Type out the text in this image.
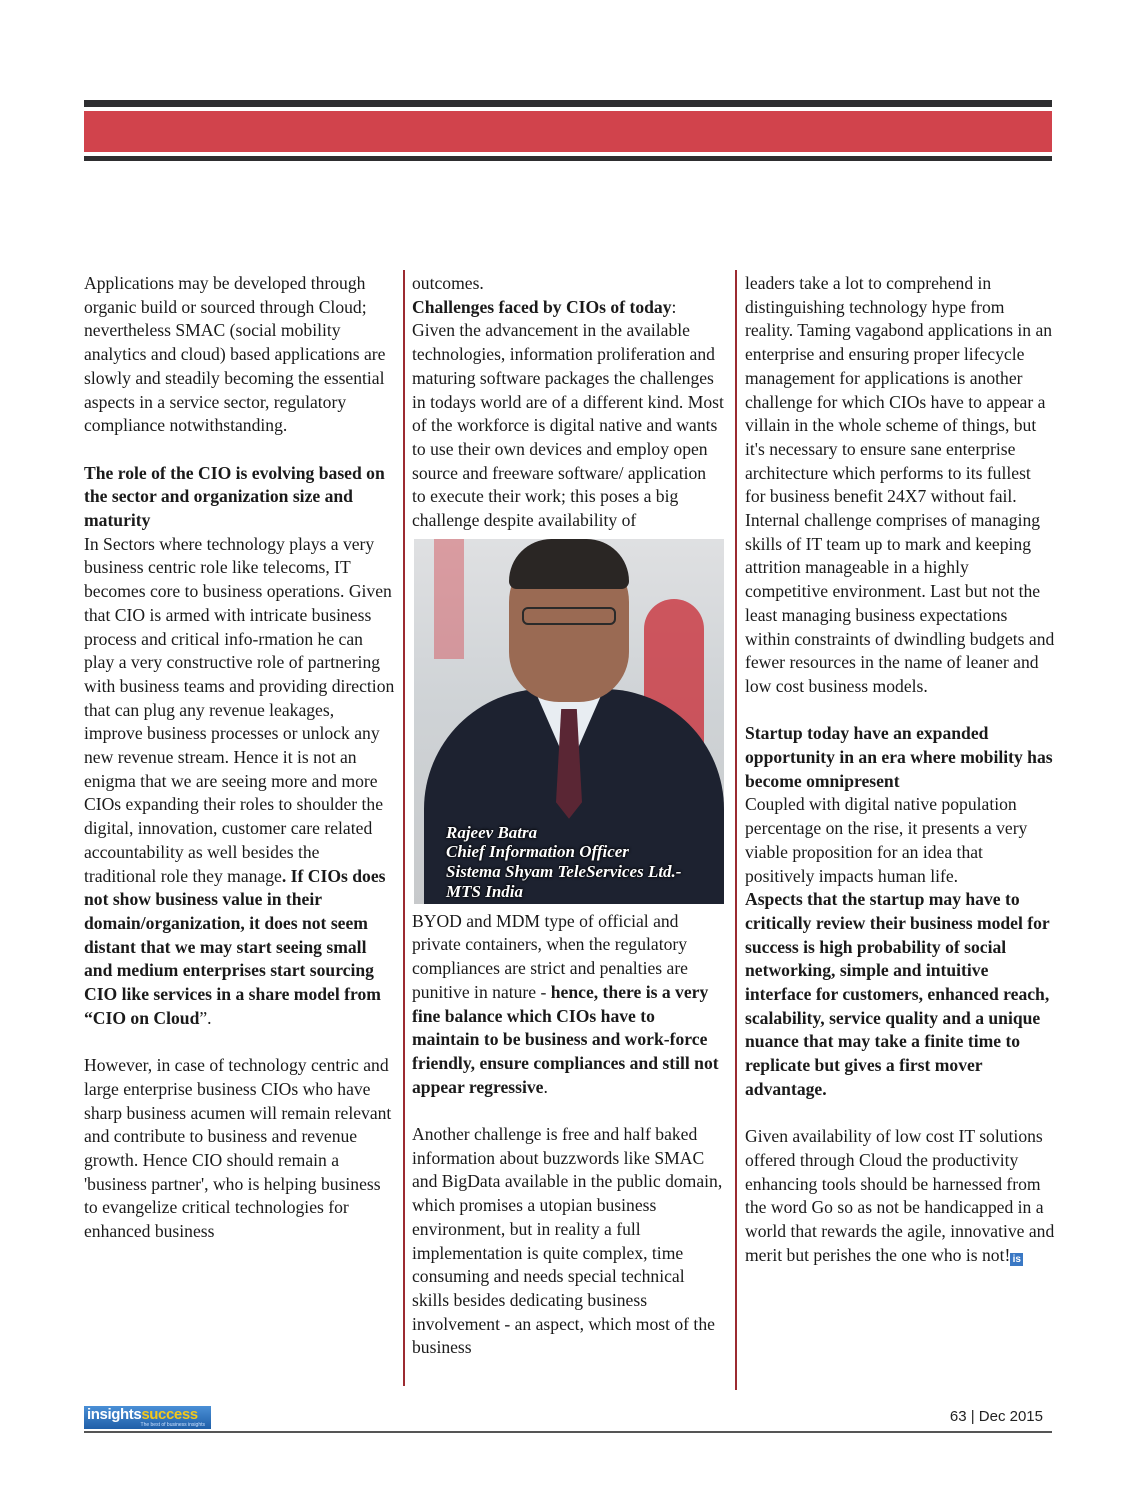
Applications may be developed through organic build or sourced through Cloud; nevertheless SMAC (social mobility analytics and cloud) based applications are slowly and steadily becoming the essential aspects in a service sector, regulatory compliance notwithstanding.

The role of the CIO is evolving based on the sector and organization size and maturity

In Sectors where technology plays a very business centric role like telecoms, IT becomes core to business operations. Given that CIO is armed with intricate business process and critical info-rmation he can play a very constructive role of partnering with business teams and providing direction that can plug any revenue leakages, improve business processes or unlock any new revenue stream. Hence it is not an enigma that we are seeing more and more CIOs expanding their roles to shoulder the digital, innovation, customer care related accountability as well besides the traditional role they manage. If CIOs does not show business value in their domain/organization, it does not seem distant that we may start seeing small and medium enterprises start sourcing CIO like services in a share model from “CIO on Cloud”.

However, in case of technology centric and large enterprise business CIOs who have sharp business acumen will remain relevant and contribute to business and revenue growth. Hence CIO should remain a 'business partner', who is helping business to evangelize critical technologies for enhanced business

outcomes.

Challenges faced by CIOs of today:

Given the advancement in the available technologies, information proliferation and maturing software packages the challenges in todays world are of a different kind. Most of the workforce is digital native and wants to use their own devices and employ open source and freeware software/ application to execute their work; this poses a big challenge despite availability of

Rajeev Batra
Chief Information Officer
Sistema Shyam TeleServices Ltd.-
MTS India

BYOD and MDM type of official and private containers, when the regulatory compliances are strict and penalties are punitive in nature - hence, there is a very fine balance which CIOs have to maintain to be business and work-force friendly, ensure compliances and still not appear regressive.

Another challenge is free and half baked information about buzzwords like SMAC and BigData available in the public domain, which promises a utopian business environment, but in reality a full implementation is quite complex, time consuming and needs special technical skills besides dedicating business involvement - an aspect, which most of the business

leaders take a lot to comprehend in distinguishing technology hype from reality. Taming vagabond applications in an enterprise and ensuring proper lifecycle management for applications is another challenge for which CIOs have to appear a villain in the whole scheme of things, but it's necessary to ensure sane enterprise architecture which performs to its fullest for business benefit 24X7 without fail. Internal challenge comprises of managing skills of IT team up to mark and keeping attrition manageable in a highly competitive environment. Last but not the least managing business expectations within constraints of dwindling budgets and fewer resources in the name of leaner and low cost business models.

Startup today have an expanded opportunity in an era where mobility has become omnipresent

Coupled with digital native population percentage on the rise, it presents a very viable proposition for an idea that positively impacts human life.

Aspects that the startup may have to critically review their business model for success is high probability of social networking, simple and intuitive interface for customers, enhanced reach, scalability, service quality and a unique nuance that may take a finite time to replicate but gives a first mover advantage.

Given availability of low cost IT solutions offered through Cloud the productivity enhancing tools should be harnessed from the word Go so as not be handicapped in a world that rewards the agile, innovative and merit but perishes the one who is not! is

insightssuccess
The best of business insights	63 | Dec 2015
